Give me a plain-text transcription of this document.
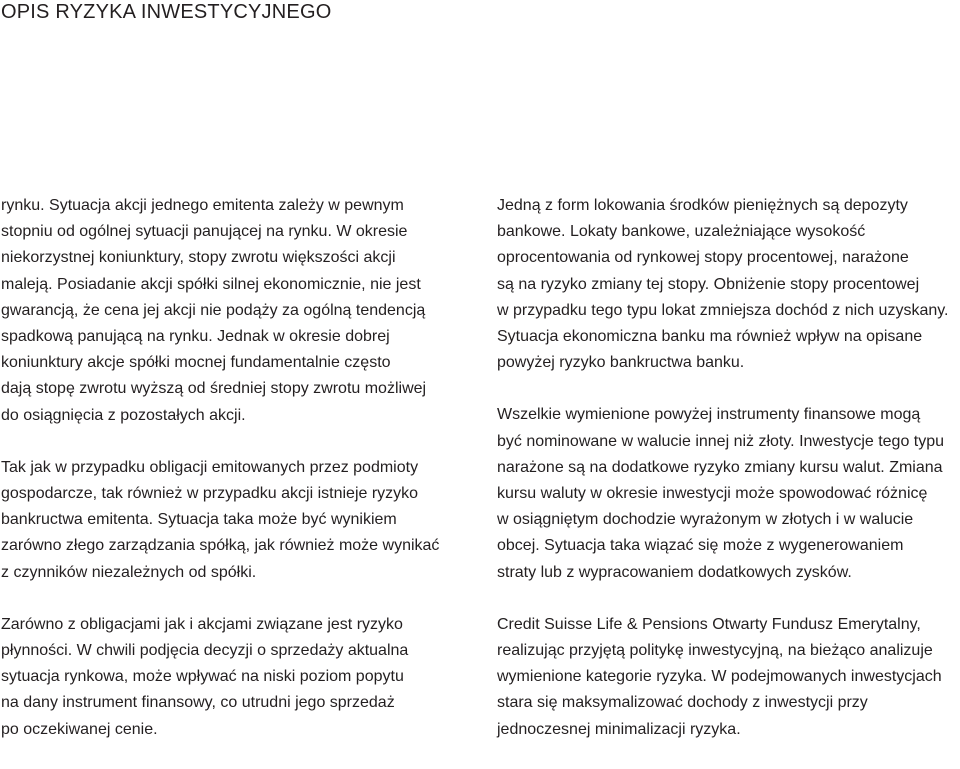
OPIS RYZYKA INWESTYCYJNEGO

rynku. Sytuacja akcji jednego emitenta zależy w pewnym
stopniu od ogólnej sytuacji panującej na rynku. W okresie
niekorzystnej koniunktury, stopy zwrotu większości akcji
maleją. Posiadanie akcji spółki silnej ekonomicznie, nie jest
gwarancją, że cena jej akcji nie podąży za ogólną tendencją
spadkową panującą na rynku. Jednak w okresie dobrej
koniunktury akcje spółki mocnej fundamentalnie często
dają stopę zwrotu wyższą od średniej stopy zwrotu możliwej
do osiągnięcia z pozostałych akcji.

Tak jak w przypadku obligacji emitowanych przez podmioty
gospodarcze, tak również w przypadku akcji istnieje ryzyko
bankructwa emitenta. Sytuacja taka może być wynikiem
zarówno złego zarządzania spółką, jak również może wynikać
z czynników niezależnych od spółki.

Zarówno z obligacjami jak i akcjami związane jest ryzyko
płynności. W chwili podjęcia decyzji o sprzedaży aktualna
sytuacja rynkowa, może wpływać na niski poziom popytu
na dany instrument finansowy, co utrudni jego sprzedaż
po oczekiwanej cenie.

Jedną z form lokowania środków pieniężnych są depozyty
bankowe. Lokaty bankowe, uzależniające wysokość
oprocentowania od rynkowej stopy procentowej, narażone
są na ryzyko zmiany tej stopy. Obniżenie stopy procentowej
w przypadku tego typu lokat zmniejsza dochód z nich uzyskany.
Sytuacja ekonomiczna banku ma również wpływ na opisane
powyżej ryzyko bankructwa banku.

Wszelkie wymienione powyżej instrumenty finansowe mogą
być nominowane w walucie innej niż złoty. Inwestycje tego typu
narażone są na dodatkowe ryzyko zmiany kursu walut. Zmiana
kursu waluty w okresie inwestycji może spowodować różnicę
w osiągniętym dochodzie wyrażonym w złotych i w walucie
obcej. Sytuacja taka wiązać się może z wygenerowaniem
straty lub z wypracowaniem dodatkowych zysków.

Credit Suisse Life & Pensions Otwarty Fundusz Emerytalny,
realizując przyjętą politykę inwestycyjną, na bieżąco analizuje
wymienione kategorie ryzyka. W podejmowanych inwestycjach
stara się maksymalizować dochody z inwestycji przy
jednoczesnej minimalizacji ryzyka.
